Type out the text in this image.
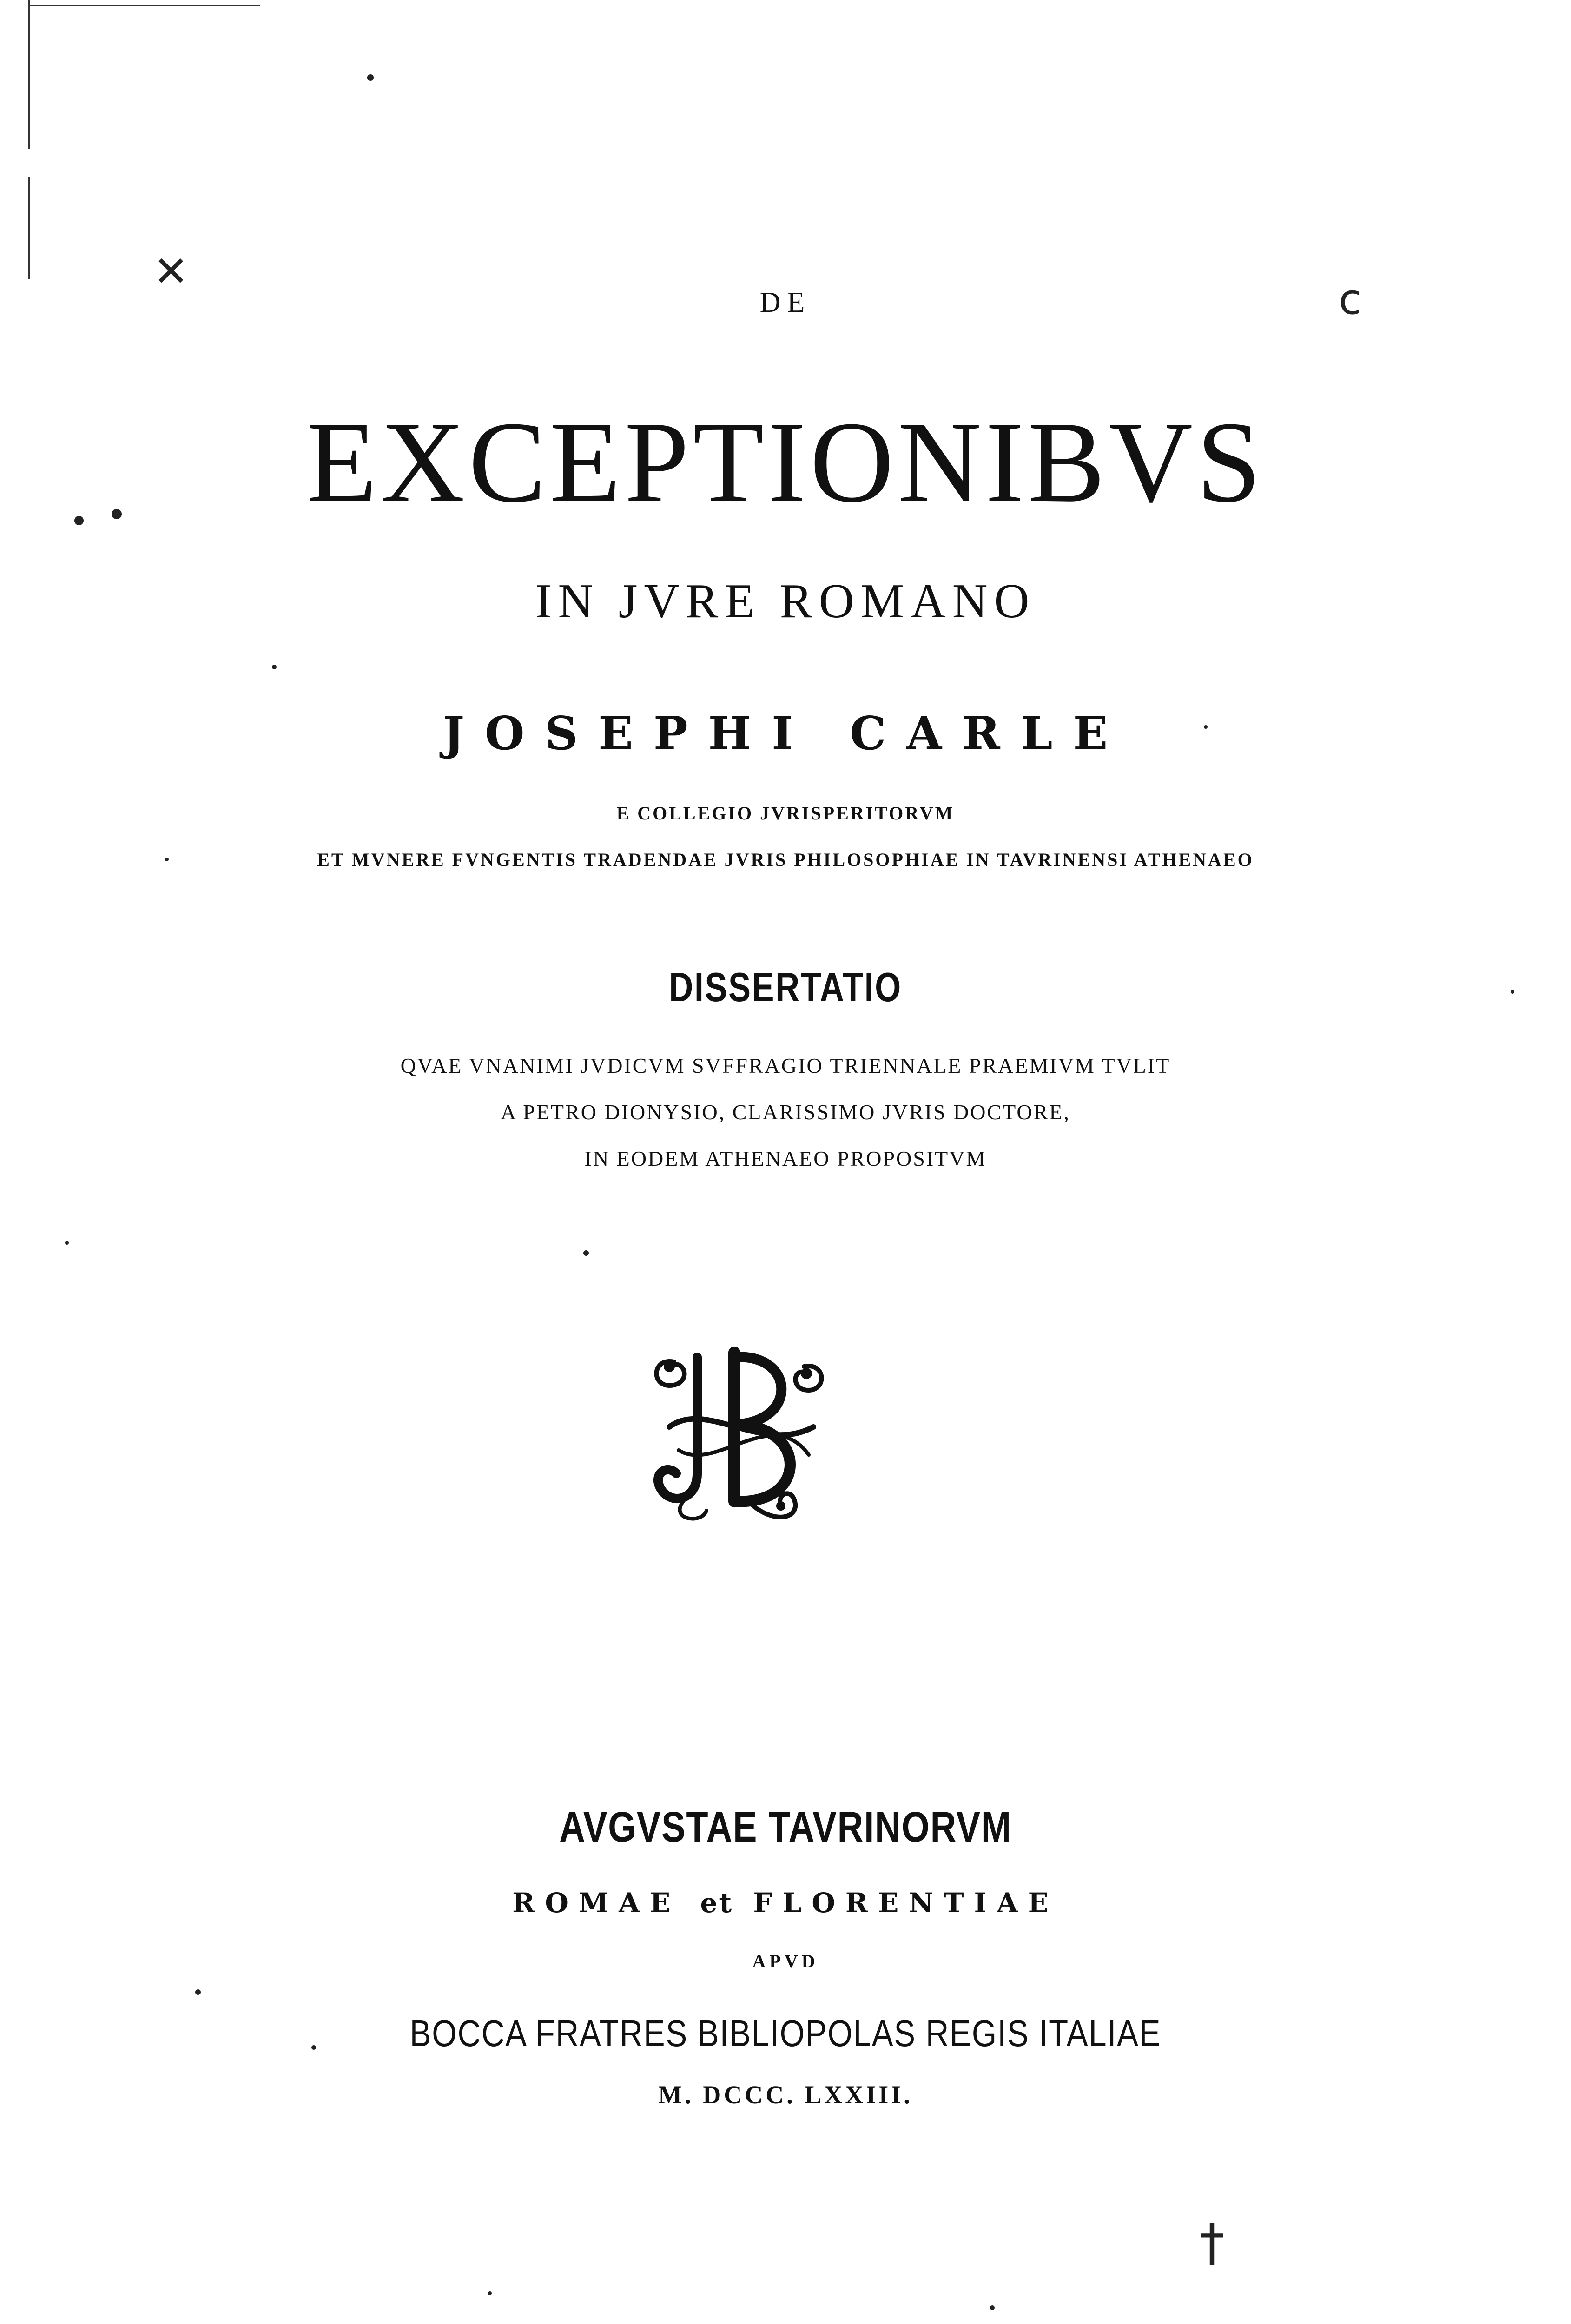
✕
c
†
DE
EXCEPTIONIBVS
IN JVRE ROMANO
JOSEPHI CARLE
E COLLEGIO JVRISPERITORVM
ET MVNERE FVNGENTIS TRADENDAE JVRIS PHILOSOPHIAE IN TAVRINENSI ATHENAEO
DISSERTATIO
QVAE VNANIMI JVDICVM SVFFRAGIO TRIENNALE PRAEMIVM TVLIT
A PETRO DIONYSIO, CLARISSIMO JVRIS DOCTORE,
IN EODEM ATHENAEO PROPOSITVM
AVGVSTAE TAVRINORVM
ROMAE et FLORENTIAE
APVD
BOCCA FRATRES BIBLIOPOLAS REGIS ITALIAE
M. DCCC. LXXIII.
